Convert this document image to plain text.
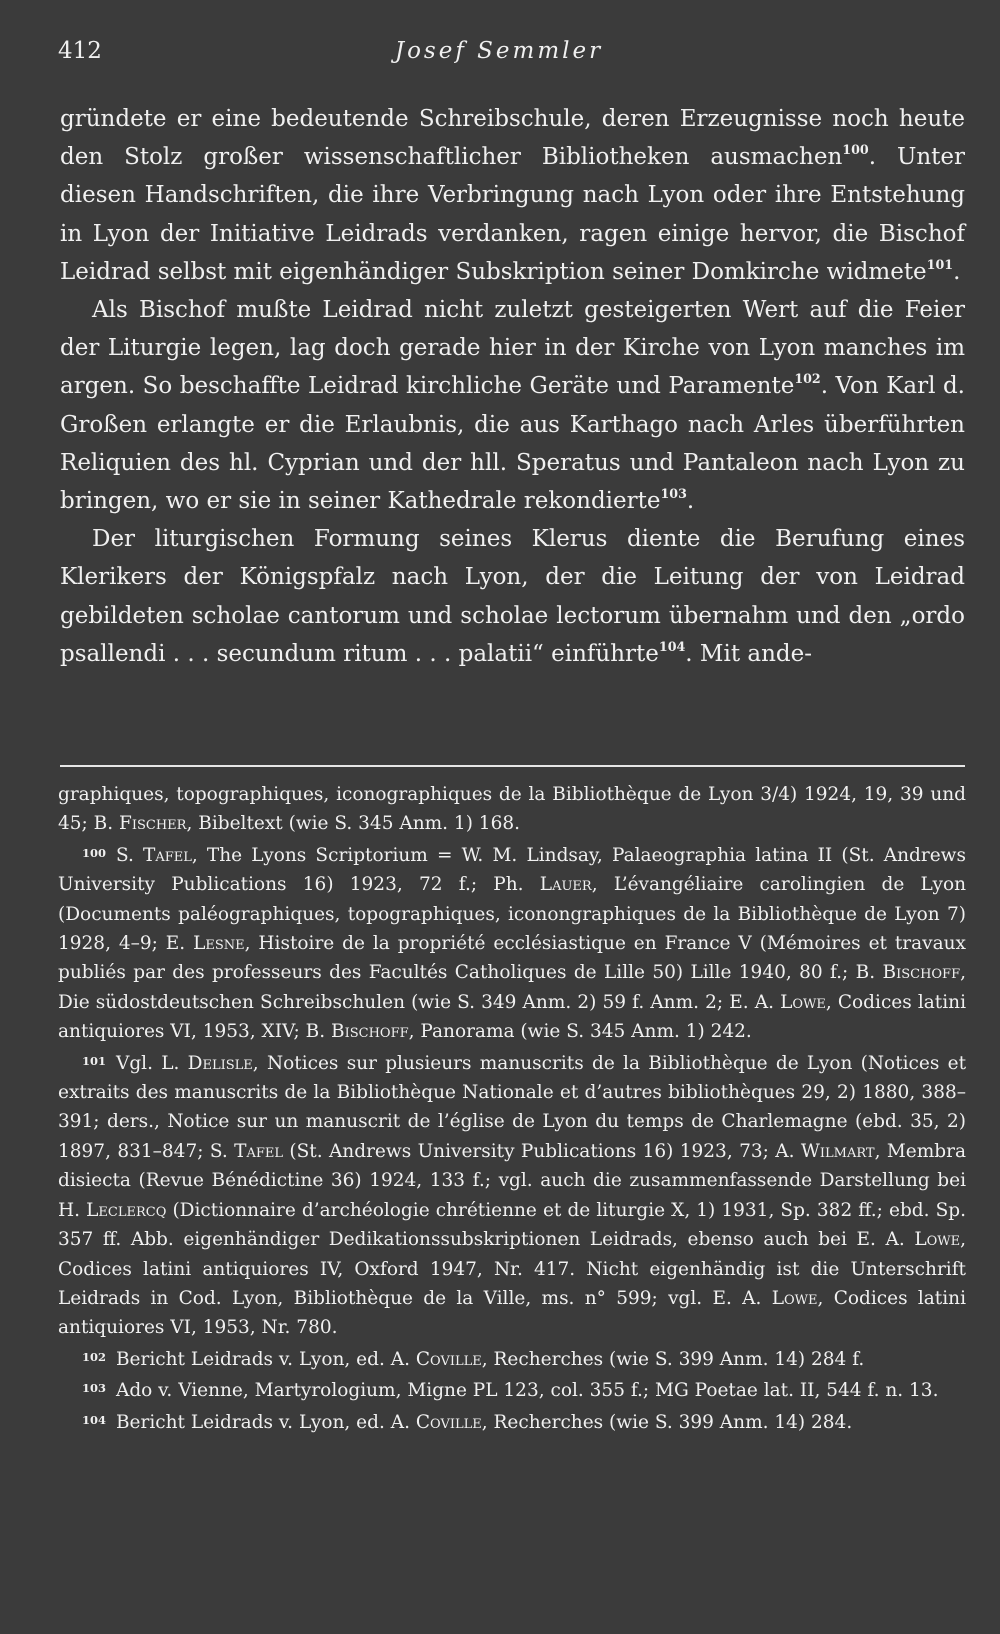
412	Josef Semmler

gründete er eine bedeutende Schreibschule, deren Erzeugnisse noch heute den Stolz großer wissenschaftlicher Bibliotheken ausmachen$^{100}$. Unter diesen Handschriften, die ihre Verbringung nach Lyon oder ihre Entstehung in Lyon der Initiative Leidrads verdanken, ragen einige hervor, die Bischof Leidrad selbst mit eigenhändiger Subskription seiner Domkirche widmete$^{101}$.

Als Bischof mußte Leidrad nicht zuletzt gesteigerten Wert auf die Feier der Liturgie legen, lag doch gerade hier in der Kirche von Lyon manches im argen. So beschaffte Leidrad kirchliche Geräte und Paramente$^{102}$. Von Karl d. Großen erlangte er die Erlaubnis, die aus Karthago nach Arles überführten Reliquien des hl. Cyprian und der hll. Speratus und Pantaleon nach Lyon zu bringen, wo er sie in seiner Kathedrale rekondierte$^{103}$.

Der liturgischen Formung seines Klerus diente die Berufung eines Klerikers der Königspfalz nach Lyon, der die Leitung der von Leidrad gebildeten scholae cantorum und scholae lectorum übernahm und den „ordo psallendi . . . secundum ritum . . . palatii“ einführte$^{104}$. Mit ande-

graphiques, topographiques, iconographiques de la Bibliothèque de Lyon 3/4) 1924, 19, 39 und 45; B. Fischer, Bibeltext (wie S. 345 Anm. 1) 168.

$^{100}$ S. Tafel, The Lyons Scriptorium = W. M. Lindsay, Palaeographia latina II (St. Andrews University Publications 16) 1923, 72 f.; Ph. Lauer, L’évangéliaire carolingien de Lyon (Documents paléographiques, topographiques, iconongraphiques de la Bibliothèque de Lyon 7) 1928, 4–9; E. Lesne, Histoire de la propriété ecclésiastique en France V (Mémoires et travaux publiés par des professeurs des Facultés Catholiques de Lille 50) Lille 1940, 80 f.; B. Bischoff, Die südostdeutschen Schreibschulen (wie S. 349 Anm. 2) 59 f. Anm. 2; E. A. Lowe, Codices latini antiquiores VI, 1953, XIV; B. Bischoff, Panorama (wie S. 345 Anm. 1) 242.

$^{101}$ Vgl. L. Delisle, Notices sur plusieurs manuscrits de la Bibliothèque de Lyon (Notices et extraits des manuscrits de la Bibliothèque Nationale et d’autres bibliothèques 29, 2) 1880, 388–391; ders., Notice sur un manuscrit de l’église de Lyon du temps de Charlemagne (ebd. 35, 2) 1897, 831–847; S. Tafel (St. Andrews University Publications 16) 1923, 73; A. Wilmart, Membra disiecta (Revue Bénédictine 36) 1924, 133 f.; vgl. auch die zusammenfassende Darstellung bei H. Leclercq (Dictionnaire d’archéologie chrétienne et de liturgie X, 1) 1931, Sp. 382 ff.; ebd. Sp. 357 ff. Abb. eigenhändiger Dedikationssubskriptionen Leidrads, ebenso auch bei E. A. Lowe, Codices latini antiquiores IV, Oxford 1947, Nr. 417. Nicht eigenhändig ist die Unterschrift Leidrads in Cod. Lyon, Bibliothèque de la Ville, ms. n° 599; vgl. E. A. Lowe, Codices latini antiquiores VI, 1953, Nr. 780.

$^{102}$ Bericht Leidrads v. Lyon, ed. A. Coville, Recherches (wie S. 399 Anm. 14) 284 f.

$^{103}$ Ado v. Vienne, Martyrologium, Migne PL 123, col. 355 f.; MG Poetae lat. II, 544 f. n. 13.

$^{104}$ Bericht Leidrads v. Lyon, ed. A. Coville, Recherches (wie S. 399 Anm. 14) 284.
